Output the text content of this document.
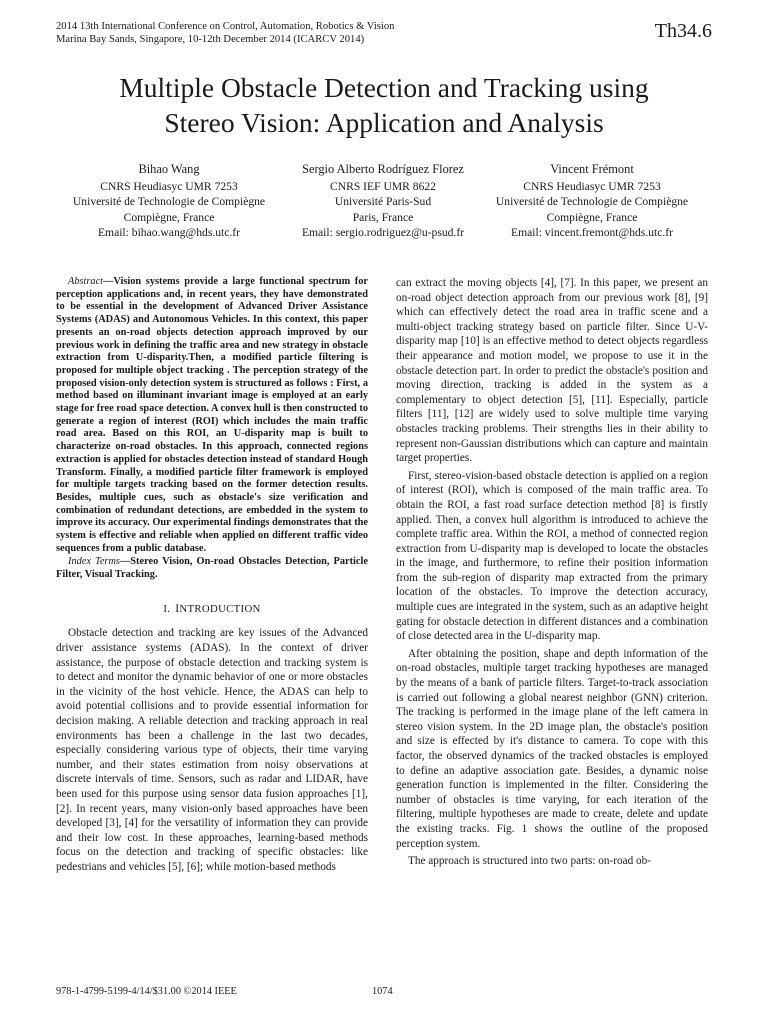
2014 13th International Conference on Control, Automation, Robotics & Vision
Marina Bay Sands, Singapore, 10-12th December 2014 (ICARCV 2014)	Th34.6
Multiple Obstacle Detection and Tracking using
Stereo Vision: Application and Analysis
Bihao Wang
CNRS Heudiasyc UMR 7253
Université de Technologie de Compiègne
Compiègne, France
Email: bihao.wang@hds.utc.fr
Sergio Alberto Rodríguez Florez
CNRS IEF UMR 8622
Université Paris-Sud
Paris, France
Email: sergio.rodriguez@u-psud.fr
Vincent Frémont
CNRS Heudiasyc UMR 7253
Université de Technologie de Compiègne
Compiègne, France
Email: vincent.fremont@hds.utc.fr
Abstract—Vision systems provide a large functional spectrum for perception applications and, in recent years, they have demonstrated to be essential in the development of Advanced Driver Assistance Systems (ADAS) and Autonomous Vehicles. In this context, this paper presents an on-road objects detection approach improved by our previous work in defining the traffic area and new strategy in obstacle extraction from U-disparity.Then, a modified particle filtering is proposed for multiple object tracking . The perception strategy of the proposed vision-only detection system is structured as follows : First, a method based on illuminant invariant image is employed at an early stage for free road space detection. A convex hull is then constructed to generate a region of interest (ROI) which includes the main traffic road area. Based on this ROI, an U-disparity map is built to characterize on-road obstacles. In this approach, connected regions extraction is applied for obstacles detection instead of standard Hough Transform. Finally, a modified particle filter framework is employed for multiple targets tracking based on the former detection results. Besides, multiple cues, such as obstacle's size verification and combination of redundant detections, are embedded in the system to improve its accuracy. Our experimental findings demonstrates that the system is effective and reliable when applied on different traffic video sequences from a public database.
Index Terms—Stereo Vision, On-road Obstacles Detection, Particle Filter, Visual Tracking.
I. INTRODUCTION

Obstacle detection and tracking are key issues of the Advanced driver assistance systems (ADAS). In the context of driver assistance, the purpose of obstacle detection and tracking system is to detect and monitor the dynamic behavior of one or more obstacles in the vicinity of the host vehicle. Hence, the ADAS can help to avoid potential collisions and to provide essential information for decision making. A reliable detection and tracking approach in real environments has been a challenge in the last two decades, especially considering various type of objects, their time varying number, and their states estimation from noisy observations at discrete intervals of time. Sensors, such as radar and LIDAR, have been used for this purpose using sensor data fusion approaches [1], [2]. In recent years, many vision-only based approaches have been developed [3], [4] for the versatility of information they can provide and their low cost. In these approaches, learning-based methods focus on the detection and tracking of specific obstacles: like pedestrians and vehicles [5], [6]; while motion-based methods

can extract the moving objects [4], [7]. In this paper, we present an on-road object detection approach from our previous work [8], [9] which can effectively detect the road area in traffic scene and a multi-object tracking strategy based on particle filter. Since U-V-disparity map [10] is an effective method to detect objects regardless their appearance and motion model, we propose to use it in the obstacle detection part. In order to predict the obstacle's position and moving direction, tracking is added in the system as a complementary to object detection [5], [11]. Especially, particle filters [11], [12] are widely used to solve multiple time varying obstacles tracking problems. Their strengths lies in their ability to represent non-Gaussian distributions which can capture and maintain target properties.

First, stereo-vision-based obstacle detection is applied on a region of interest (ROI), which is composed of the main traffic area. To obtain the ROI, a fast road surface detection method [8] is firstly applied. Then, a convex hull algorithm is introduced to achieve the complete traffic area. Within the ROI, a method of connected region extraction from U-disparity map is developed to locate the obstacles in the image, and furthermore, to refine their position information from the sub-region of disparity map extracted from the primary location of the obstacles. To improve the detection accuracy, multiple cues are integrated in the system, such as an adaptive height gating for obstacle detection in different distances and a combination of close detected area in the U-disparity map.

After obtaining the position, shape and depth information of the on-road obstacles, multiple target tracking hypotheses are managed by the means of a bank of particle filters. Target-to-track association is carried out following a global nearest neighbor (GNN) criterion. The tracking is performed in the image plane of the left camera in stereo vision system. In the 2D image plan, the obstacle's position and size is effected by it's distance to camera. To cope with this factor, the observed dynamics of the tracked obstacles is employed to define an adaptive association gate. Besides, a dynamic noise generation function is implemented in the filter. Considering the number of obstacles is time varying, for each iteration of the filtering, multiple hypotheses are made to create, delete and update the existing tracks. Fig. 1 shows the outline of the proposed perception system.

The approach is structured into two parts: on-road ob-

978-1-4799-5199-4/14/$31.00 ©2014 IEEE	1074
